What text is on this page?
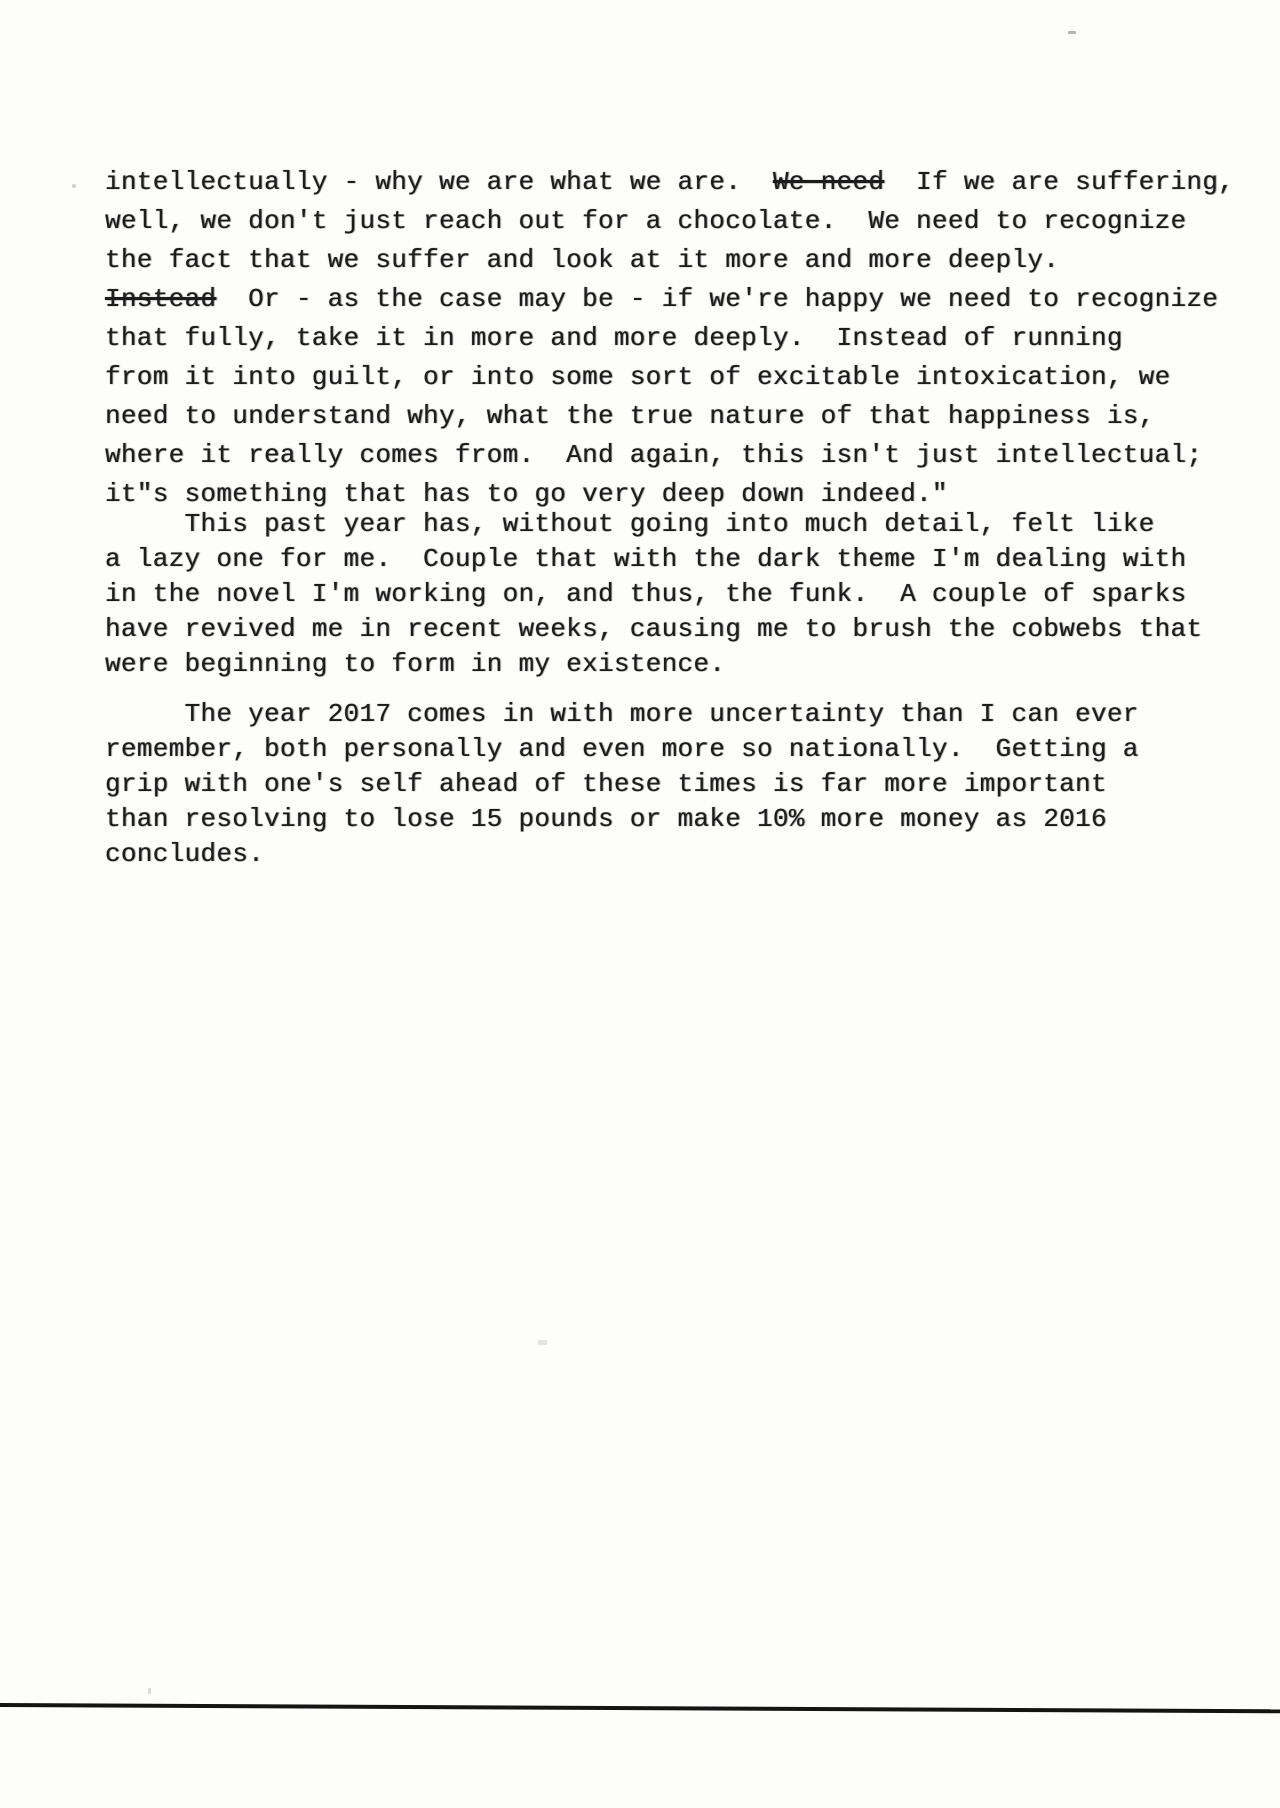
intellectually - why we are what we are.  We need  If we are suffering,
well, we don't just reach out for a chocolate.  We need to recognize
the fact that we suffer and look at it more and more deeply.
Instead  Or - as the case may be - if we're happy we need to recognize
that fully, take it in more and more deeply.  Instead of running
from it into guilt, or into some sort of excitable intoxication, we
need to understand why, what the true nature of that happiness is,
where it really comes from.  And again, this isn't just intellectual;
it"s something that has to go very deep down indeed."
This past year has, without going into much detail, felt like
a lazy one for me.  Couple that with the dark theme I'm dealing with
in the novel I'm working on, and thus, the funk.  A couple of sparks
have revived me in recent weeks, causing me to brush the cobwebs that
were beginning to form in my existence.
The year 2017 comes in with more uncertainty than I can ever
remember, both personally and even more so nationally.  Getting a
grip with one's self ahead of these times is far more important
than resolving to lose 15 pounds or make 10% more money as 2016
concludes.
